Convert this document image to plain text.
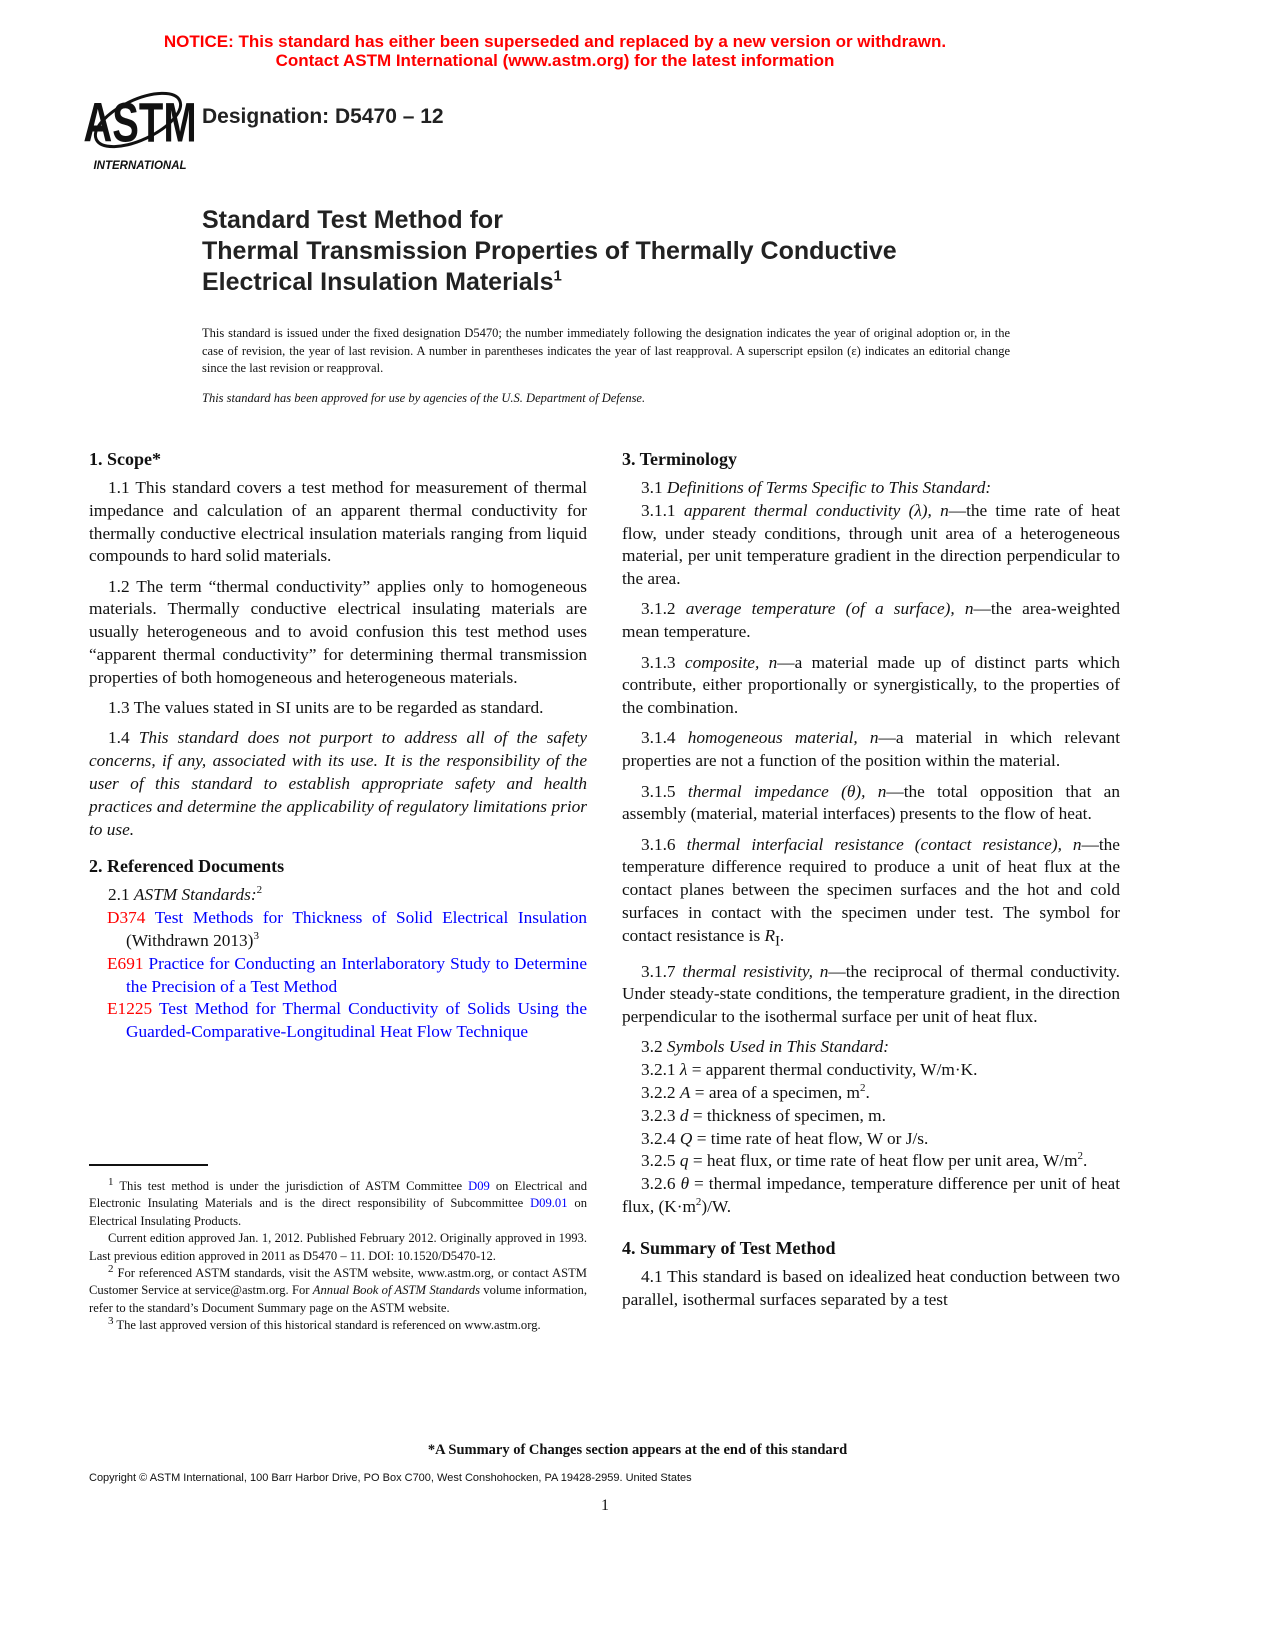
NOTICE: This standard has either been superseded and replaced by a new version or withdrawn.
Contact ASTM International (www.astm.org) for the latest information
ASTM
INTERNATIONAL
Designation: D5470 – 12
Standard Test Method for
Thermal Transmission Properties of Thermally Conductive
Electrical Insulation Materials$^1$
This standard is issued under the fixed designation D5470; the number immediately following the designation indicates the year of original adoption or, in the case of revision, the year of last revision. A number in parentheses indicates the year of last reapproval. A superscript epsilon (ε) indicates an editorial change since the last revision or reapproval.
This standard has been approved for use by agencies of the U.S. Department of Defense.
1. Scope*

1.1 This standard covers a test method for measurement of thermal impedance and calculation of an apparent thermal conductivity for thermally conductive electrical insulation materials ranging from liquid compounds to hard solid materials.

1.2 The term “thermal conductivity” applies only to homogeneous materials. Thermally conductive electrical insulating materials are usually heterogeneous and to avoid confusion this test method uses “apparent thermal conductivity” for determining thermal transmission properties of both homogeneous and heterogeneous materials.

1.3 The values stated in SI units are to be regarded as standard.

1.4 This standard does not purport to address all of the safety concerns, if any, associated with its use. It is the responsibility of the user of this standard to establish appropriate safety and health practices and determine the applicability of regulatory limitations prior to use.

2. Referenced Documents

2.1 ASTM Standards:$^2$

D374 Test Methods for Thickness of Solid Electrical Insulation (Withdrawn 2013)$^3$

E691 Practice for Conducting an Interlaboratory Study to Determine the Precision of a Test Method

E1225 Test Method for Thermal Conductivity of Solids Using the Guarded-Comparative-Longitudinal Heat Flow Technique

$^1$ This test method is under the jurisdiction of ASTM Committee D09 on Electrical and Electronic Insulating Materials and is the direct responsibility of Subcommittee D09.01 on Electrical Insulating Products.

Current edition approved Jan. 1, 2012. Published February 2012. Originally approved in 1993. Last previous edition approved in 2011 as D5470 – 11. DOI: 10.1520/D5470-12.

$^2$ For referenced ASTM standards, visit the ASTM website, www.astm.org, or contact ASTM Customer Service at service@astm.org. For Annual Book of ASTM Standards volume information, refer to the standard’s Document Summary page on the ASTM website.

$^3$ The last approved version of this historical standard is referenced on www.astm.org.

3. Terminology

3.1 Definitions of Terms Specific to This Standard:

3.1.1 apparent thermal conductivity (λ), n—the time rate of heat flow, under steady conditions, through unit area of a heterogeneous material, per unit temperature gradient in the direction perpendicular to the area.

3.1.2 average temperature (of a surface), n—the area-weighted mean temperature.

3.1.3 composite, n—a material made up of distinct parts which contribute, either proportionally or synergistically, to the properties of the combination.

3.1.4 homogeneous material, n—a material in which relevant properties are not a function of the position within the material.

3.1.5 thermal impedance (θ), n—the total opposition that an assembly (material, material interfaces) presents to the flow of heat.

3.1.6 thermal interfacial resistance (contact resistance), n—the temperature difference required to produce a unit of heat flux at the contact planes between the specimen surfaces and the hot and cold surfaces in contact with the specimen under test. The symbol for contact resistance is $R_I$.

3.1.7 thermal resistivity, n—the reciprocal of thermal conductivity. Under steady-state conditions, the temperature gradient, in the direction perpendicular to the isothermal surface per unit of heat flux.

3.2 Symbols Used in This Standard:

3.2.1 λ = apparent thermal conductivity, W/m·K.

3.2.2 A = area of a specimen, $m^2$.

3.2.3 d = thickness of specimen, m.

3.2.4 Q = time rate of heat flow, W or J/s.

3.2.5 q = heat flux, or time rate of heat flow per unit area, $W/m^2$.

3.2.6 θ = thermal impedance, temperature difference per unit of heat flux, $(K\cdot m^2)/W$.

4. Summary of Test Method

4.1 This standard is based on idealized heat conduction between two parallel, isothermal surfaces separated by a test

*A Summary of Changes section appears at the end of this standard
Copyright © ASTM International, 100 Barr Harbor Drive, PO Box C700, West Conshohocken, PA 19428-2959. United States
1
